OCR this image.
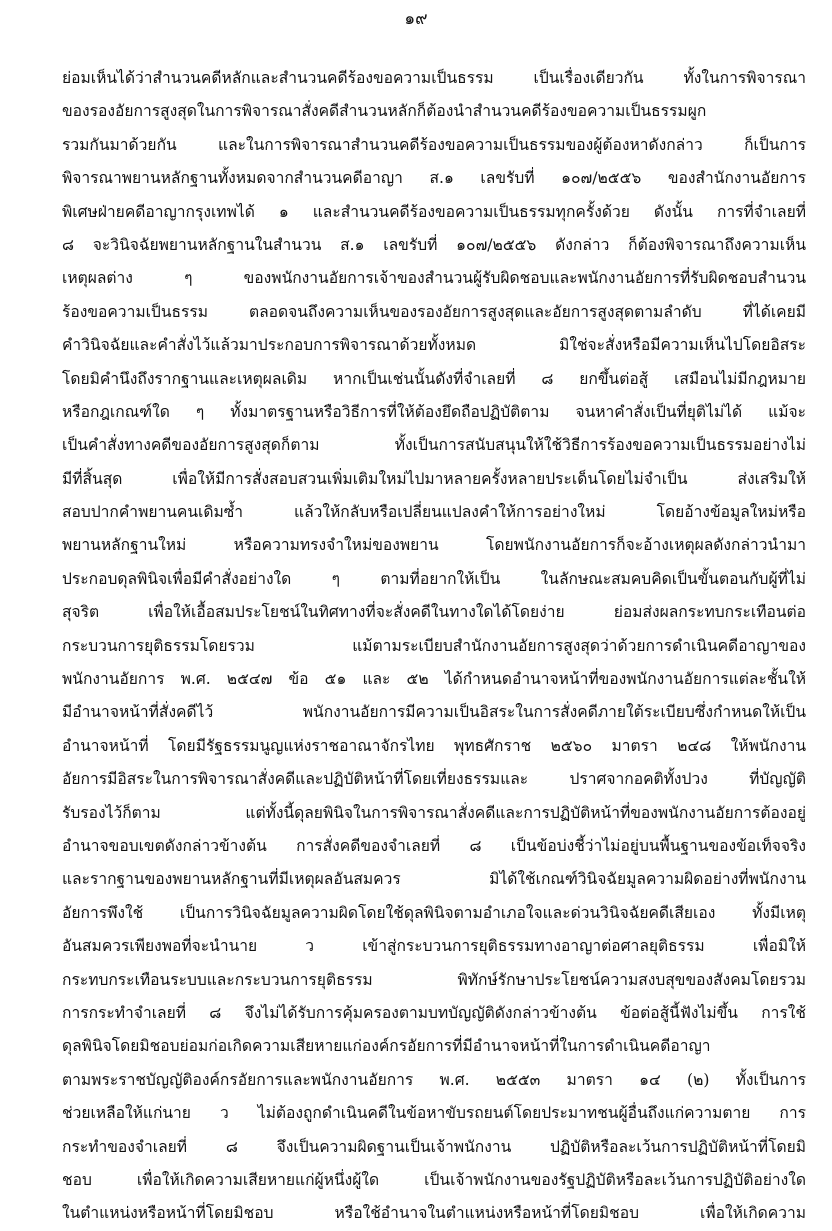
๑๙
ย่อมเห็นได้ว่าสำนวนคดีหลักและสำนวนคดีร้องขอความเป็นธรรม เป็นเรื่องเดียวกัน ทั้งในการพิจารณา
ของรองอัยการสูงสุดในการพิจารณาสั่งคดีสำนวนหลักก็ต้องนำสำนวนคดีร้องขอความเป็นธรรมผูก
รวมกันมาด้วยกัน และในการพิจารณาสำนวนคดีร้องขอความเป็นธรรมของผู้ต้องหาดังกล่าว ก็เป็นการ
พิจารณาพยานหลักฐานทั้งหมดจากสำนวนคดีอาญา ส.๑ เลขรับที่ ๑๐๗/๒๕๕๖ ของสำนักงานอัยการ
พิเศษฝ่ายคดีอาญากรุงเทพได้ ๑ และสำนวนคดีร้องขอความเป็นธรรมทุกครั้งด้วย ดังนั้น การที่จำเลยที่
๘ จะวินิจฉัยพยานหลักฐานในสำนวน ส.๑ เลขรับที่ ๑๐๗/๒๕๕๖ ดังกล่าว ก็ต้องพิจารณาถึงความเห็น
เหตุผลต่าง ๆ ของพนักงานอัยการเจ้าของสำนวนผู้รับผิดชอบและพนักงานอัยการที่รับผิดชอบสำนวน
ร้องขอความเป็นธรรม ตลอดจนถึงความเห็นของรองอัยการสูงสุดและอัยการสูงสุดตามลำดับ ที่ได้เคยมี
คำวินิจฉัยและคำสั่งไว้แล้วมาประกอบการพิจารณาด้วยทั้งหมด มิใช่จะสั่งหรือมีความเห็นไปโดยอิสระ
โดยมิคำนึงถึงรากฐานและเหตุผลเดิม หากเป็นเช่นนั้นดังที่จำเลยที่ ๘ ยกขึ้นต่อสู้ เสมือนไม่มีกฎหมาย
หรือกฎเกณฑ์ใด ๆ ทั้งมาตรฐานหรือวิธีการที่ให้ต้องยึดถือปฏิบัติตาม จนหาคำสั่งเป็นที่ยุติไม่ได้ แม้จะ
เป็นคำสั่งทางคดีของอัยการสูงสุดก็ตาม ทั้งเป็นการสนับสนุนให้ใช้วิธีการร้องขอความเป็นธรรมอย่างไม่
มีที่สิ้นสุด เพื่อให้มีการสั่งสอบสวนเพิ่มเติมใหม่ไปมาหลายครั้งหลายประเด็นโดยไม่จำเป็น ส่งเสริมให้
สอบปากคำพยานคนเดิมซ้ำ แล้วให้กลับหรือเปลี่ยนแปลงคำให้การอย่างใหม่ โดยอ้างข้อมูลใหม่หรือ
พยานหลักฐานใหม่ หรือความทรงจำใหม่ของพยาน โดยพนักงานอัยการก็จะอ้างเหตุผลดังกล่าวนำมา
ประกอบดุลพินิจเพื่อมีคำสั่งอย่างใด ๆ ตามที่อยากให้เป็น ในลักษณะสมคบคิดเป็นขั้นตอนกับผู้ที่ไม่
สุจริต เพื่อให้เอื้อสมประโยชน์ในทิศทางที่จะสั่งคดีในทางใดได้โดยง่าย ย่อมส่งผลกระทบกระเทือนต่อ
กระบวนการยุติธรรมโดยรวม แม้ตามระเบียบสำนักงานอัยการสูงสุดว่าด้วยการดำเนินคดีอาญาของ
พนักงานอัยการ พ.ศ. ๒๕๔๗ ข้อ ๕๑ และ ๕๒ ได้กำหนดอำนาจหน้าที่ของพนักงานอัยการแต่ละชั้นให้
มีอำนาจหน้าที่สั่งคดีไว้ พนักงานอัยการมีความเป็นอิสระในการสั่งคดีภายใต้ระเบียบซึ่งกำหนดให้เป็น
อำนาจหน้าที่ โดยมีรัฐธรรมนูญแห่งราชอาณาจักรไทย พุทธศักราช ๒๕๖๐ มาตรา ๒๔๘ ให้พนักงาน
อัยการมีอิสระในการพิจารณาสั่งคดีและปฏิบัติหน้าที่โดยเที่ยงธรรมและ ปราศจากอคติทั้งปวง ที่บัญญัติ
รับรองไว้ก็ตาม แต่ทั้งนี้ดุลยพินิจในการพิจารณาสั่งคดีและการปฏิบัติหน้าที่ของพนักงานอัยการต้องอยู่
อำนาจขอบเขตดังกล่าวข้างต้น การสั่งคดีของจำเลยที่ ๘ เป็นข้อบ่งชี้ว่าไม่อยู่บนพื้นฐานของข้อเท็จจริง
และรากฐานของพยานหลักฐานที่มีเหตุผลอันสมควร มิได้ใช้เกณฑ์วินิจฉัยมูลความผิดอย่างที่พนักงาน
อัยการพึงใช้ เป็นการวินิจฉัยมูลความผิดโดยใช้ดุลพินิจตามอำเภอใจและด่วนวินิจฉัยคดีเสียเอง ทั้งมีเหตุ
อันสมควรเพียงพอที่จะนำนาย ว เข้าสู่กระบวนการยุติธรรมทางอาญาต่อศาลยุติธรรม เพื่อมิให้
กระทบกระเทือนระบบและกระบวนการยุติธรรม พิทักษ์รักษาประโยชน์ความสงบสุขของสังคมโดยรวม
การกระทำจำเลยที่ ๘ จึงไม่ได้รับการคุ้มครองตามบทบัญญัติดังกล่าวข้างต้น ข้อต่อสู้นี้ฟังไม่ขึ้น การใช้
ดุลพินิจโดยมิชอบย่อมก่อเกิดความเสียหายแก่องค์กรอัยการที่มีอำนาจหน้าที่ในการดำเนินคดีอาญา
ตามพระราชบัญญัติองค์กรอัยการและพนักงานอัยการ พ.ศ. ๒๕๕๓ มาตรา ๑๔ (๒) ทั้งเป็นการ
ช่วยเหลือให้แก่นาย ว ไม่ต้องถูกดำเนินคดีในข้อหาขับรถยนต์โดยประมาทชนผู้อื่นถึงแก่ความตาย การ
กระทำของจำเลยที่ ๘ จึงเป็นความผิดฐานเป็นเจ้าพนักงาน ปฏิบัติหรือละเว้นการปฏิบัติหน้าที่โดยมิ
ชอบ เพื่อให้เกิดความเสียหายแก่ผู้หนึ่งผู้ใด เป็นเจ้าพนักงานของรัฐปฏิบัติหรือละเว้นการปฏิบัติอย่างใด
ในตำแหน่งหรือหน้าที่โดยมิชอบ หรือใช้อำนาจในตำแหน่งหรือหน้าที่โดยมิชอบ เพื่อให้เกิดความ
